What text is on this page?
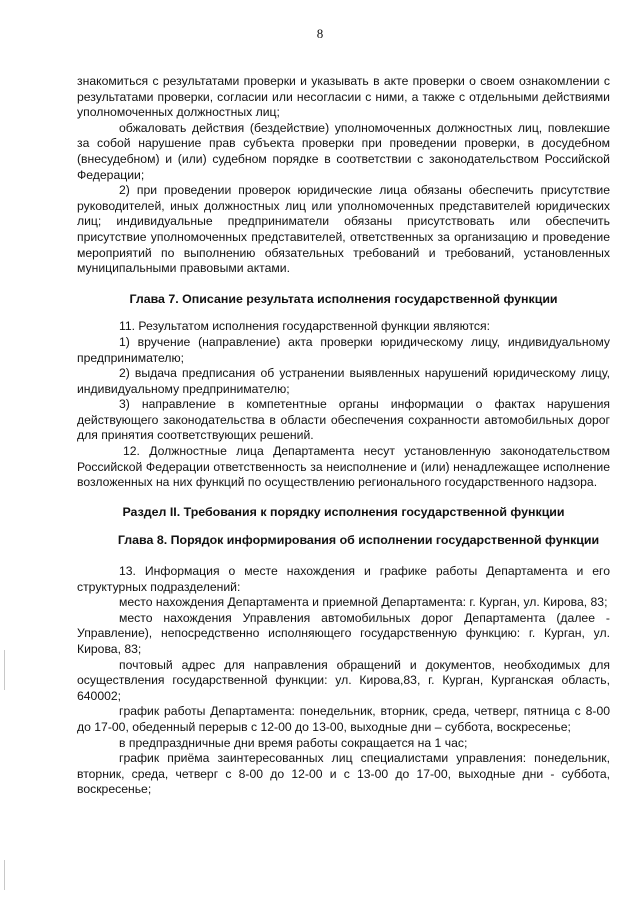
8

знакомиться с результатами проверки и указывать в акте проверки о своем ознакомлении с результатами проверки, согласии или несогласии с ними, а также с отдельными действиями уполномоченных должностных лиц;

обжаловать действия (бездействие) уполномоченных должностных лиц, повлекшие за собой нарушение прав субъекта проверки при проведении проверки, в досудебном (внесудебном) и (или) судебном порядке в соответствии с законодательством Российской Федерации;

2) при проведении проверок юридические лица обязаны обеспечить присутствие руководителей, иных должностных лиц или уполномоченных представителей юридических лиц; индивидуальные предприниматели обязаны присутствовать или обеспечить присутствие уполномоченных представителей, ответственных за организацию и проведение мероприятий по выполнению обязательных требований и требований, установленных муниципальными правовыми актами.

Глава 7. Описание результата исполнения государственной функции

11. Результатом исполнения государственной функции являются:

1) вручение (направление) акта проверки юридическому лицу, индивидуальному предпринимателю;

2) выдача предписания об устранении выявленных нарушений юридическому лицу, индивидуальному предпринимателю;

3) направление в компетентные органы информации о фактах нарушения действующего законодательства в области обеспечения сохранности автомобильных дорог для принятия соответствующих решений.

12. Должностные лица Департамента несут установленную законодательством Российской Федерации ответственность за неисполнение и (или) ненадлежащее исполнение возложенных на них функций по осуществлению регионального государственного надзора.

Раздел II. Требования к порядку исполнения государственной функции
Глава 8. Порядок информирования об исполнении государственной функции

13. Информация о месте нахождения и графике работы Департамента и его структурных подразделений:

место нахождения Департамента и приемной Департамента: г. Курган, ул. Кирова, 83;

место нахождения Управления автомобильных дорог Департамента (далее - Управление), непосредственно исполняющего государственную функцию: г. Курган, ул. Кирова, 83;

почтовый адрес для направления обращений и документов, необходимых для осуществления государственной функции: ул. Кирова,83, г. Курган, Курганская область, 640002;

график работы Департамента: понедельник, вторник, среда, четверг, пятница с 8-00 до 17-00, обеденный перерыв с 12-00 до 13-00, выходные дни – суббота, воскресенье;

в предпраздничные дни время работы сокращается на 1 час;

график приёма заинтересованных лиц специалистами управления: понедельник, вторник, среда, четверг с 8-00 до 12-00 и с 13-00 до 17-00, выходные дни - суббота, воскресенье;
